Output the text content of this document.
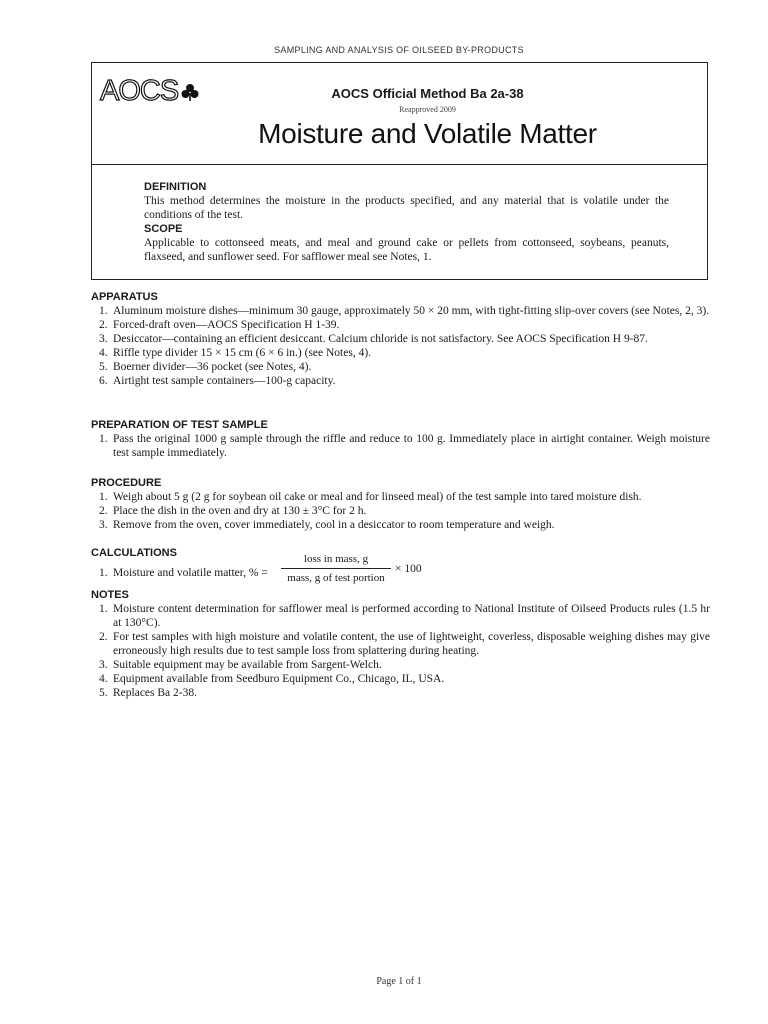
SAMPLING AND ANALYSIS OF OILSEED BY-PRODUCTS
AOCS	AOCS Official Method Ba 2a-38
Reapproved 2009
Moisture and Volatile Matter
DEFINITION

This method determines the moisture in the products specified, and any material that is volatile under the conditions of the test.

SCOPE

Applicable to cottonseed meats, and meal and ground cake or pellets from cottonseed, soybeans, peanuts, flaxseed, and sunflower seed. For safflower meal see Notes, 1.

APPARATUS
1. Aluminum moisture dishes—minimum 30 gauge, approximately 50 × 20 mm, with tight-fitting slip-over covers (see Notes, 2, 3).
2. Forced-draft oven—AOCS Specification H 1-39.
3. Desiccator—containing an efficient desiccant. Calcium chloride is not satisfactory. See AOCS Specification H 9-87.
4. Riffle type divider 15 × 15 cm (6 × 6 in.) (see Notes, 4).
5. Boerner divider—36 pocket (see Notes, 4).
6. Airtight test sample containers—100-g capacity.
PREPARATION OF TEST SAMPLE
1. Pass the original 1000 g sample through the riffle and reduce to 100 g. Immediately place in airtight container. Weigh moisture test sample immediately.
PROCEDURE
1. Weigh about 5 g (2 g for soybean oil cake or meal and for linseed meal) of the test sample into tared moisture dish.
2. Place the dish in the oven and dry at 130 ± 3°C for 2 h.
3. Remove from the oven, cover immediately, cool in a desiccator to room temperature and weigh.
CALCULATIONS
1. Moisture and volatile matter, % =
loss in mass, g
mass, g of test portion
× 100
NOTES
1. Moisture content determination for safflower meal is performed according to National Institute of Oilseed Products rules (1.5 hr at 130°C).
2. For test samples with high moisture and volatile content, the use of lightweight, coverless, disposable weighing dishes may give erroneously high results due to test sample loss from splattering during heating.
3. Suitable equipment may be available from Sargent-Welch.
4. Equipment available from Seedburo Equipment Co., Chicago, IL, USA.
5. Replaces Ba 2-38.
Page 1 of 1
